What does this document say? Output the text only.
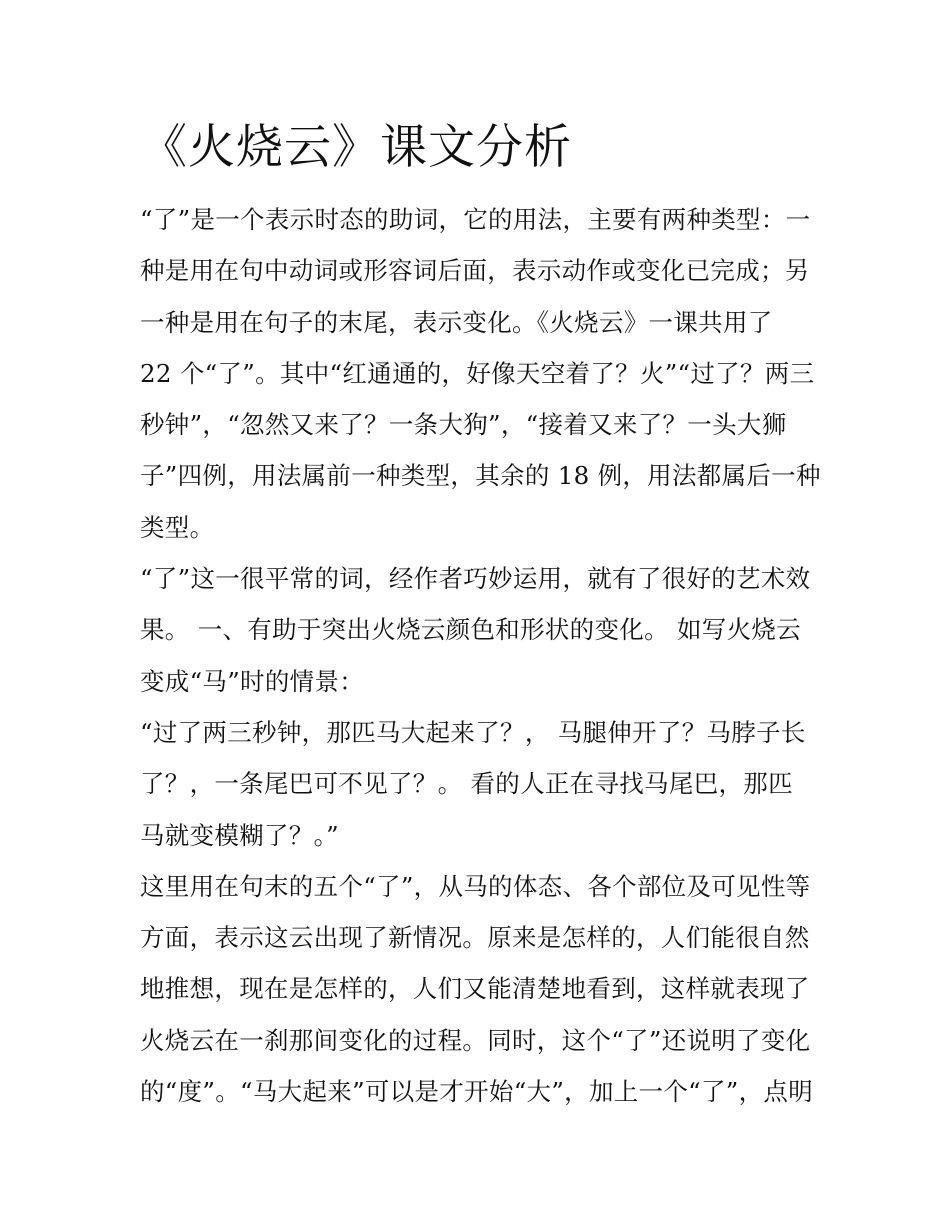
《火烧云》课文分析
“了”是一个表示时态的助词，它的用法，主要有两种类型：一
种是用在句中动词或形容词后面，表示动作或变化已完成；另
一种是用在句子的末尾，表示变化。《火烧云》一课共用了
22 个“了”。其中“红通通的，好像天空着了？火”“过了？两三
秒钟”，“忽然又来了？一条大狗”，“接着又来了？一头大狮
子”四例，用法属前一种类型，其余的 18 例，用法都属后一种
类型。
“了”这一很平常的词，经作者巧妙运用，就有了很好的艺术效
果。 一、有助于突出火烧云颜色和形状的变化。 如写火烧云
变成“马”时的情景：
“过了两三秒钟，那匹马大起来了？， 马腿伸开了？马脖子长
了？，一条尾巴可不见了？。 看的人正在寻找马尾巴，那匹
马就变模糊了？。”
这里用在句末的五个“了”，从马的体态、各个部位及可见性等
方面，表示这云出现了新情况。原来是怎样的，人们能很自然
地推想，现在是怎样的，人们又能清楚地看到，这样就表现了
火烧云在一刹那间变化的过程。同时，这个“了”还说明了变化
的“度”。“马大起来”可以是才开始“大”，加上一个“了”，点明
